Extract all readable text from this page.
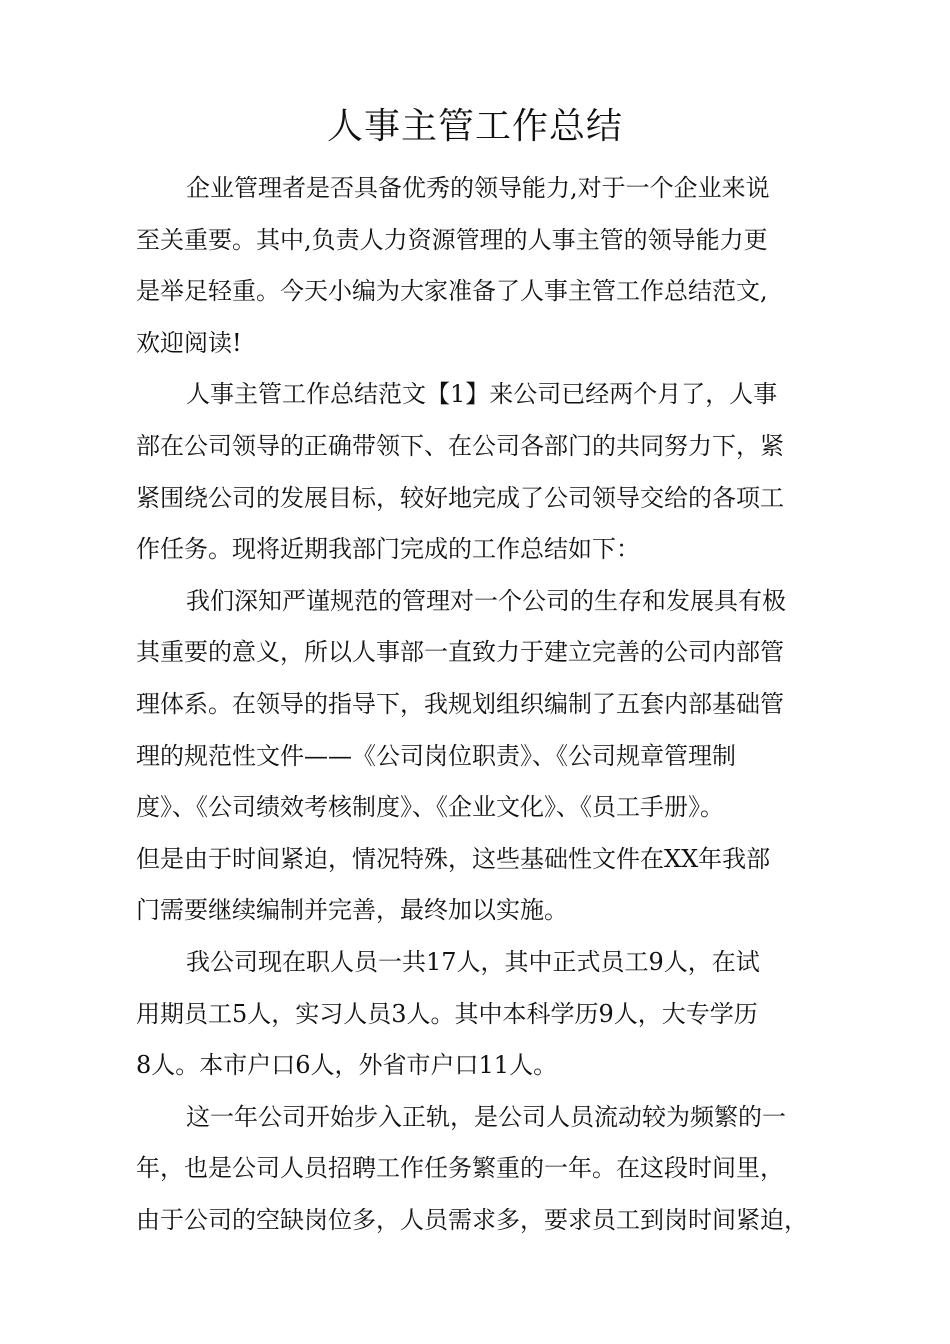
人事主管工作总结
企业管理者是否具备优秀的领导能力,对于一个企业来说
至关重要。其中,负责人力资源管理的人事主管的领导能力更
是举足轻重。今天小编为大家准备了人事主管工作总结范文,
欢迎阅读!
人事主管工作总结范文【1】来公司已经两个月了，人事
部在公司领导的正确带领下、在公司各部门的共同努力下，紧
紧围绕公司的发展目标，较好地完成了公司领导交给的各项工
作任务。现将近期我部门完成的工作总结如下：
我们深知严谨规范的管理对一个公司的生存和发展具有极
其重要的意义，所以人事部一直致力于建立完善的公司内部管
理体系。在领导的指导下，我规划组织编制了五套内部基础管
理的规范性文件——《公司岗位职责》、《公司规章管理制
度》、《公司绩效考核制度》、《企业文化》、《员工手册》。
但是由于时间紧迫，情况特殊，这些基础性文件在XX年我部
门需要继续编制并完善，最终加以实施。
我公司现在职人员一共17人，其中正式员工9人，在试
用期员工5人，实习人员3人。其中本科学历9人，大专学历
8人。本市户口6人，外省市户口11人。
这一年公司开始步入正轨，是公司人员流动较为频繁的一
年，也是公司人员招聘工作任务繁重的一年。在这段时间里，
由于公司的空缺岗位多，人员需求多，要求员工到岗时间紧迫，
